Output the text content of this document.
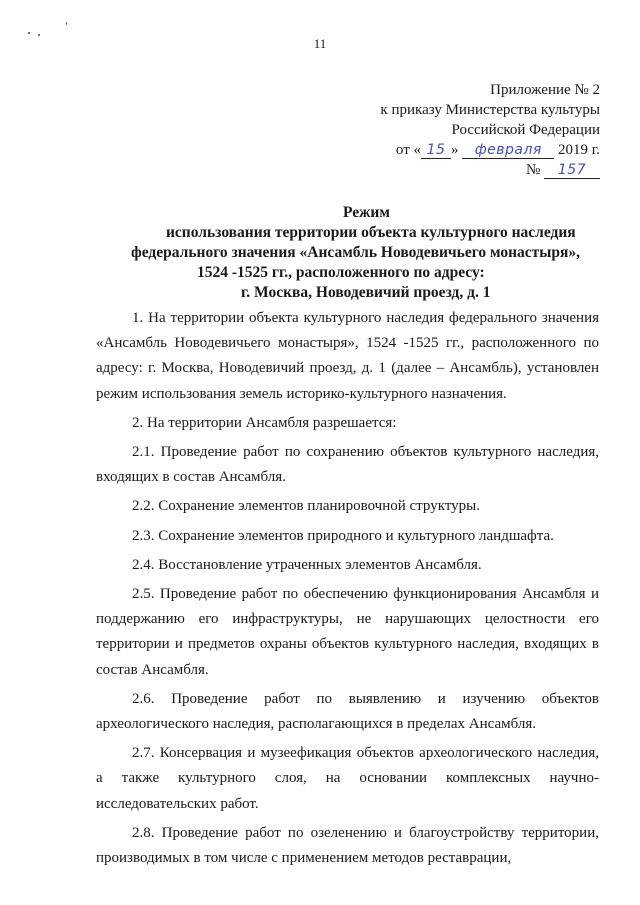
11
Приложение № 2
к приказу Министерства культуры
Российской Федерации
от « 15 » февраля 2019 г.
№ 157
Режим
использования территории объекта культурного наследия
федерального значения «Ансамбль Новодевичьего монастыря»,
1524 -1525 гг., расположенного по адресу:
г. Москва, Новодевичий проезд, д. 1

1. На территории объекта культурного наследия федерального значения «Ансамбль Новодевичьего монастыря», 1524 -1525 гг., расположенного по адресу: г. Москва, Новодевичий проезд, д. 1 (далее – Ансамбль), установлен режим использования земель историко-культурного назначения.

2. На территории Ансамбля разрешается:

2.1. Проведение работ по сохранению объектов культурного наследия, входящих в состав Ансамбля.

2.2. Сохранение элементов планировочной структуры.

2.3. Сохранение элементов природного и культурного ландшафта.

2.4. Восстановление утраченных элементов Ансамбля.

2.5. Проведение работ по обеспечению функционирования Ансамбля и поддержанию его инфраструктуры, не нарушающих целостности его территории и предметов охраны объектов культурного наследия, входящих в состав Ансамбля.

2.6. Проведение работ по выявлению и изучению объектов археологического наследия, располагающихся в пределах Ансамбля.

2.7. Консервация и музеефикация объектов археологического наследия, а также культурного слоя, на основании комплексных научно-исследовательских работ.

2.8. Проведение работ по озеленению и благоустройству территории, производимых в том числе с применением методов реставрации,
